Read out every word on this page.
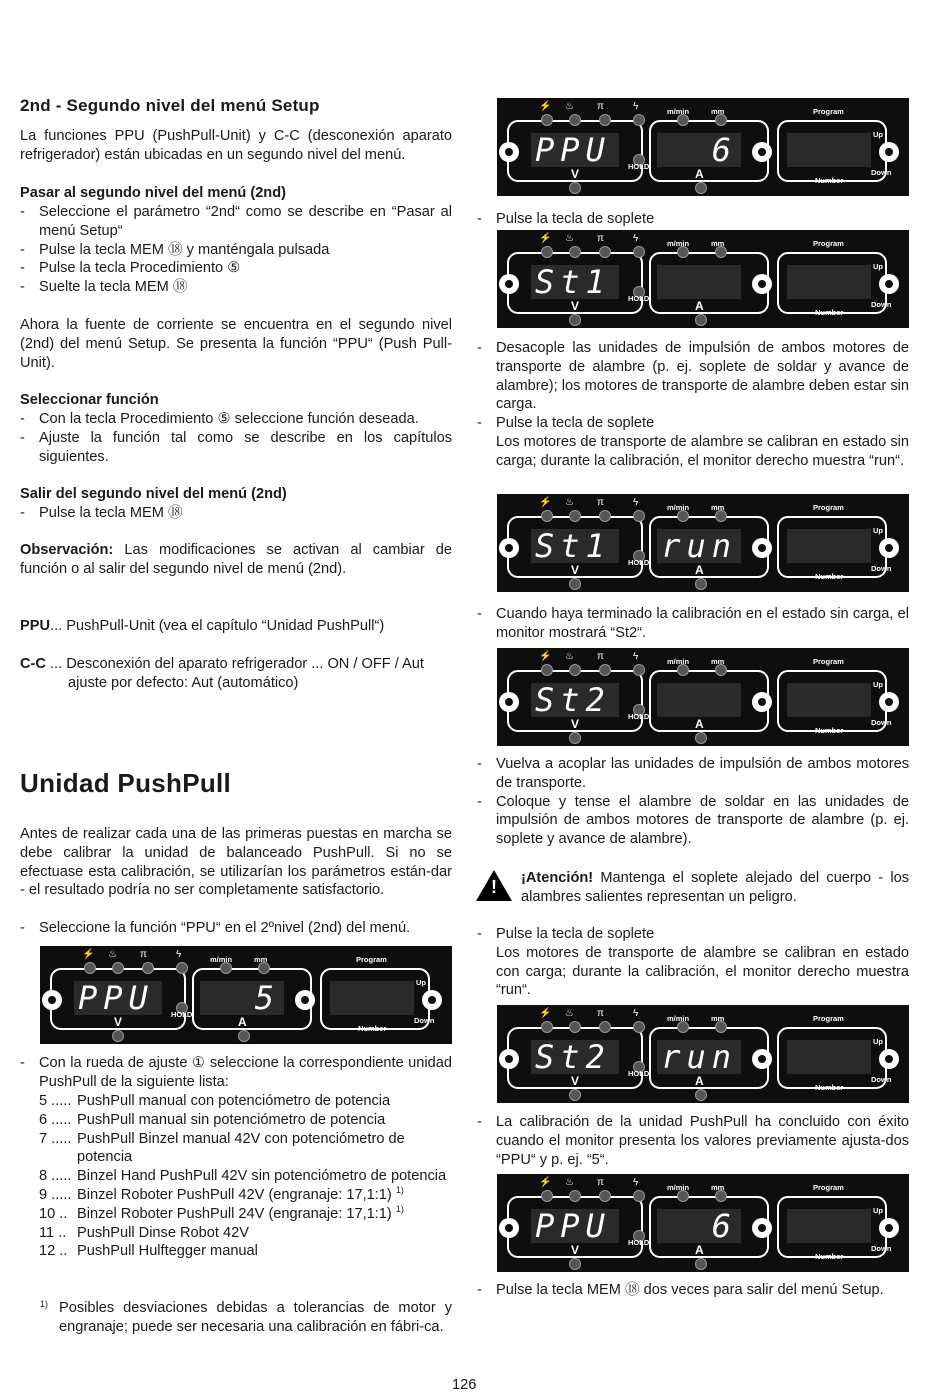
2nd - Segundo nivel del menú Setup
La funciones PPU (PushPull-Unit) y C-C (desconexión aparato refrigerador) están ubicadas en un segundo nivel del menú.
Pasar al segundo nivel del menú (2nd)
- Seleccione el parámetro “2nd“ como se describe en “Pasar al menú Setup“
- Pulse la tecla MEM ⑱ y manténgala pulsada
- Pulse la tecla Procedimiento ⑤
- Suelte la tecla MEM ⑱
Ahora la fuente de corriente se encuentra en el segundo nivel (2nd) del menú Setup. Se presenta la función “PPU“ (Push Pull-Unit).
Seleccionar función
- Con la tecla Procedimiento ⑤ seleccione función deseada.
- Ajuste la función tal como se describe en los capítulos siguientes.
Salir del segundo nivel del menú (2nd)
- Pulse la tecla MEM ⑱
Observación: Las modificaciones se activan al cambiar de función o al salir del segundo nivel de menú (2nd).
PPU... PushPull-Unit (vea el capítulo “Unidad PushPull“)
C-C ... Desconexión del aparato refrigerador ... ON / OFF / Aut
ajuste por defecto: Aut (automático)
Unidad PushPull
Antes de realizar cada una de las primeras puestas en marcha se debe calibrar la unidad de balanceado PushPull. Si no se efectuase esta calibración, se utilizarían los parámetros están-dar - el resultado podría no ser completamente satisfactorio.
- Seleccione la función “PPU“ en el 2ºnivel (2nd) del menú.
- Con la rueda de ajuste ① seleccione la correspondiente unidad PushPull de la siguiente lista:
5 ..... PushPull manual con potenciómetro de potencia
6 ..... PushPull manual sin potenciómetro de potencia
7 ..... PushPull Binzel manual 42V con potenciómetro de potencia
8 ..... Binzel Hand PushPull 42V sin potenciómetro de potencia
9 ..... Binzel Roboter PushPull 42V (engranaje: 17,1:1) $^{1)}$
10 .. Binzel Roboter PushPull 24V (engranaje: 17,1:1) $^{1)}$
11 .. PushPull Dinse Robot 42V
12 .. PushPull Hulftegger manual
1) Posibles desviaciones debidas a tolerancias de motor y engranaje; puede ser necesaria una calibración en fábri-ca.
- Pulse la tecla de soplete
- Desacople las unidades de impulsión de ambos motores de transporte de alambre (p. ej. soplete de soldar y avance de alambre); los motores de transporte de alambre deben estar sin carga.
- Pulse la tecla de soplete
Los motores de transporte de alambre se calibran en estado sin carga; durante la calibración, el monitor derecho muestra “run“.
- Cuando haya terminado la calibración en el estado sin carga, el monitor mostrará “St2“.
- Vuelva a acoplar las unidades de impulsión de ambos motores de transporte.
- Coloque y tense el alambre de soldar en las unidades de impulsión de ambos motores de transporte de alambre (p. ej. soplete y avance de alambre).
! ¡Atención! Mantenga el soplete alejado del cuerpo - los alambres salientes representan un peligro.
- Pulse la tecla de soplete
Los motores de transporte de alambre se calibran en estado con carga; durante la calibración, el monitor derecho muestra “run“.
- La calibración de la unidad PushPull ha concluido con éxito cuando el monitor presenta los valores previamente ajusta-dos “PPU“ y p. ej. “5“.
- Pulse la tecla MEM ⑱ dos veces para salir del menú Setup.
126
⚡ ♨ π	ϟ	m/min	mm	Program
Up
Down
Number
HOLD
V	A
PPU	6
⚡ ♨ π	ϟ	m/min	mm	Program
Up
Down
Number
HOLD
V	A
St1
⚡ ♨ π	ϟ	m/min	mm	Program
Up
Down
Number
HOLD
V	A
St1 run
⚡ ♨ π	ϟ	m/min	mm	Program
Up
Down
Number
HOLD
V	A
St2
⚡ ♨ π	ϟ	m/min	mm	Program
Up
Down
Number
HOLD
V	A
St2 run
⚡ ♨ π	ϟ	m/min	mm	Program
Up
Down
Number
HOLD
V	A
PPU	6
⚡ ♨ π	ϟ	m/min	mm	Program
Up
Down
Number
HOLD
V	A
PPU	5
